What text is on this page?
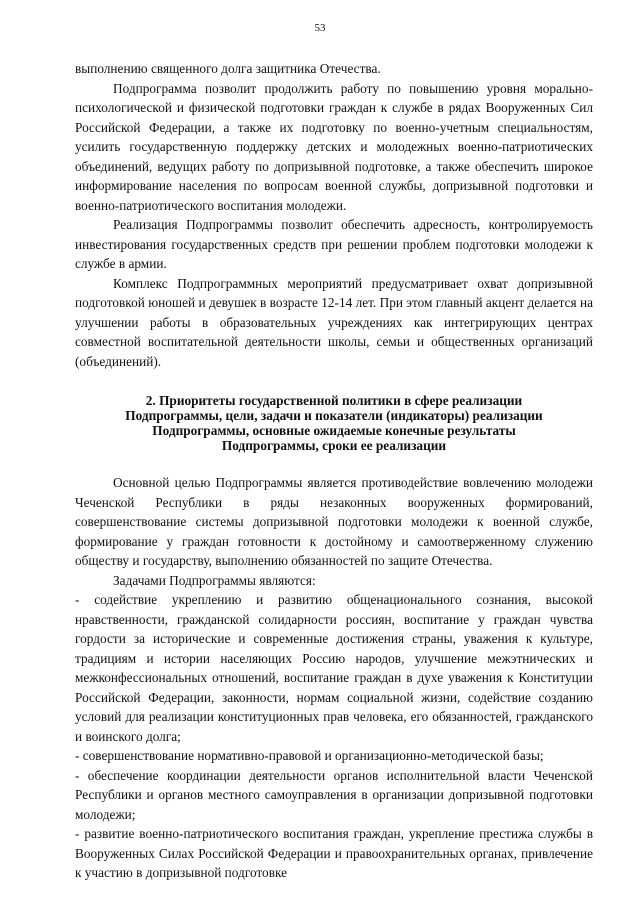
53

выполнению священного долга защитника Отечества.

Подпрограмма позволит продолжить работу по повышению уровня морально-психологической и физической подготовки граждан к службе в рядах Вооруженных Сил Российской Федерации, а также их подготовку по военно-учетным специальностям, усилить государственную поддержку детских и молодежных военно-патриотических объединений, ведущих работу по допризывной подготовке, а также обеспечить широкое информирование населения по вопросам военной службы, допризывной подготовки и военно-патриотического воспитания молодежи.

Реализация Подпрограммы позволит обеспечить адресность, контролируемость инвестирования государственных средств при решении проблем подготовки молодежи к службе в армии.

Комплекс Подпрограммных мероприятий предусматривает охват допризывной подготовкой юношей и девушек в возрасте 12-14 лет. При этом главный акцент делается на улучшении работы в образовательных учреждениях как интегрирующих центрах совместной воспитательной деятельности школы, семьи и общественных организаций (объединений).

2. Приоритеты государственной политики в сфере реализации
Подпрограммы, цели, задачи и показатели (индикаторы) реализации
Подпрограммы, основные ожидаемые конечные результаты
Подпрограммы, сроки ее реализации

Основной целью Подпрограммы является противодействие вовлечению молодежи Чеченской Республики в ряды незаконных вооруженных формирований, совершенствование системы допризывной подготовки молодежи к военной службе, формирование у граждан готовности к достойному и самоотверженному служению обществу и государству, выполнению обязанностей по защите Отечества.

Задачами Подпрограммы являются:

- содействие укреплению и развитию общенационального сознания, высокой нравственности, гражданской солидарности россиян, воспитание у граждан чувства гордости за исторические и современные достижения страны, уважения к культуре, традициям и истории населяющих Россию народов, улучшение межэтнических и межконфессиональных отношений, воспитание граждан в духе уважения к Конституции Российской Федерации, законности, нормам социальной жизни, содействие созданию условий для реализации конституционных прав человека, его обязанностей, гражданского и воинского долга;

- совершенствование нормативно-правовой и организационно-методической базы;

- обеспечение координации деятельности органов исполнительной власти Чеченской Республики и органов местного самоуправления в организации допризывной подготовки молодежи;

- развитие военно-патриотического воспитания граждан, укрепление престижа службы в Вооруженных Силах Российской Федерации и правоохранительных органах, привлечение к участию в допризывной подготовке
